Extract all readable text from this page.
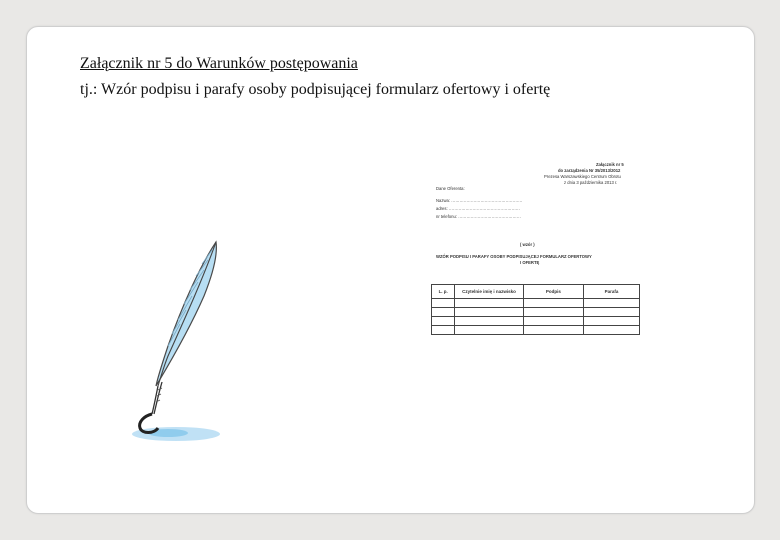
Załącznik nr 5 do Warunków postępowania
tj.: Wzór podpisu i parafy osoby podpisującej formularz ofertowy i ofertę
Załącznik nr 5
do zarządzenia Nr 35/2013/2012
Prezesa Warszawskiego Centrum Obrotu
z dnia 3 października 2013 r.
Dane Oferenta:
Nazwa: ……………………………………………
adres: ……………………………………………
nr telefonu: ………………………………………
( wzór )
WZÓR PODPISU I PARAFY OSOBY PODPISUJĄCEJ FORMULARZ OFERTOWY
I OFERTĘ
L. p.	Czytelnie imię i nazwisko	Podpis	Parafa
